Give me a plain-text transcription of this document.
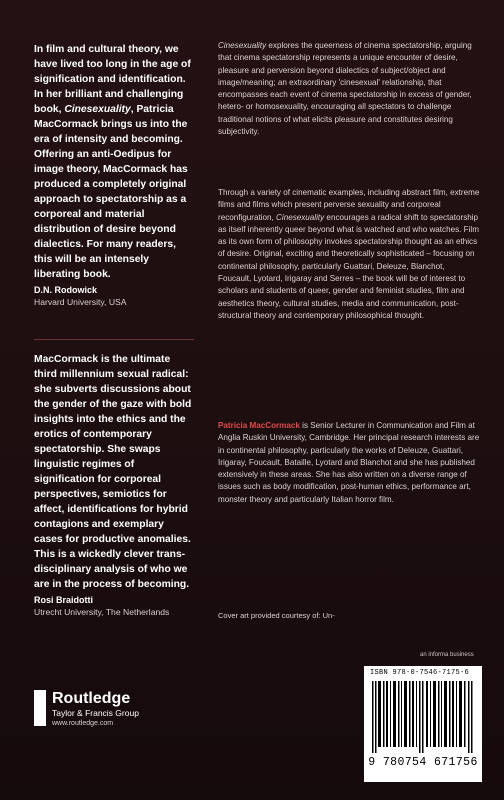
In film and cultural theory, we have lived too long in the age of signification and identification. In her brilliant and challenging book, Cinesexuality, Patricia MacCormack brings us into the era of intensity and becoming. Offering an anti-Oedipus for image theory, MacCormack has produced a completely original approach to spectatorship as a corporeal and material distribution of desire beyond dialectics. For many readers, this will be an intensely liberating book.

D.N. Rodowick
Harvard University, USA

MacCormack is the ultimate third millennium sexual radical: she subverts discussions about the gender of the gaze with bold insights into the ethics and the erotics of contemporary spectatorship. She swaps linguistic regimes of signification for corporeal perspectives, semiotics for affect, identifications for hybrid contagions and exemplary cases for productive anomalies. This is a wickedly clever trans-disciplinary analysis of who we are in the process of becoming.

Rosi Braidotti
Utrecht University, The Netherlands

Cinesexuality explores the queerness of cinema spectatorship, arguing that cinema spectatorship represents a unique encounter of desire, pleasure and perversion beyond dialectics of subject/object and image/meaning; an extraordinary 'cinesexual' relationship, that encompasses each event of cinema spectatorship in excess of gender, hetero- or homosexuality, encouraging all spectators to challenge traditional notions of what elicits pleasure and constitutes desiring subjectivity.

Through a variety of cinematic examples, including abstract film, extreme films and films which present perverse sexuality and corporeal reconfiguration, Cinesexuality encourages a radical shift to spectatorship as itself inherently queer beyond what is watched and who watches. Film as its own form of philosophy invokes spectatorship thought as an ethics of desire. Original, exciting and theoretically sophisticated – focusing on continental philosophy, particularly Guattari, Deleuze, Blanchot, Foucault, Lyotard, Irigaray and Serres – the book will be of interest to scholars and students of queer, gender and feminist studies, film and aesthetics theory, cultural studies, media and communication, post-structural theory and contemporary philosophical thought.

Patricia MacCormack is Senior Lecturer in Communication and Film at Anglia Ruskin University, Cambridge. Her principal research interests are in continental philosophy, particularly the works of Deleuze, Guattari, Irigaray, Foucault, Bataille, Lyotard and Blanchot and she has published extensively in these areas. She has also written on a diverse range of issues such as body modification, post-human ethics, performance art, monster theory and particularly Italian horror film.

Cover art provided courtesy of: Un-
an informa business
ISBN 978-0-7546-7175-6
9 780754 671756
Routledge
Taylor & Francis Group
www.routledge.com
